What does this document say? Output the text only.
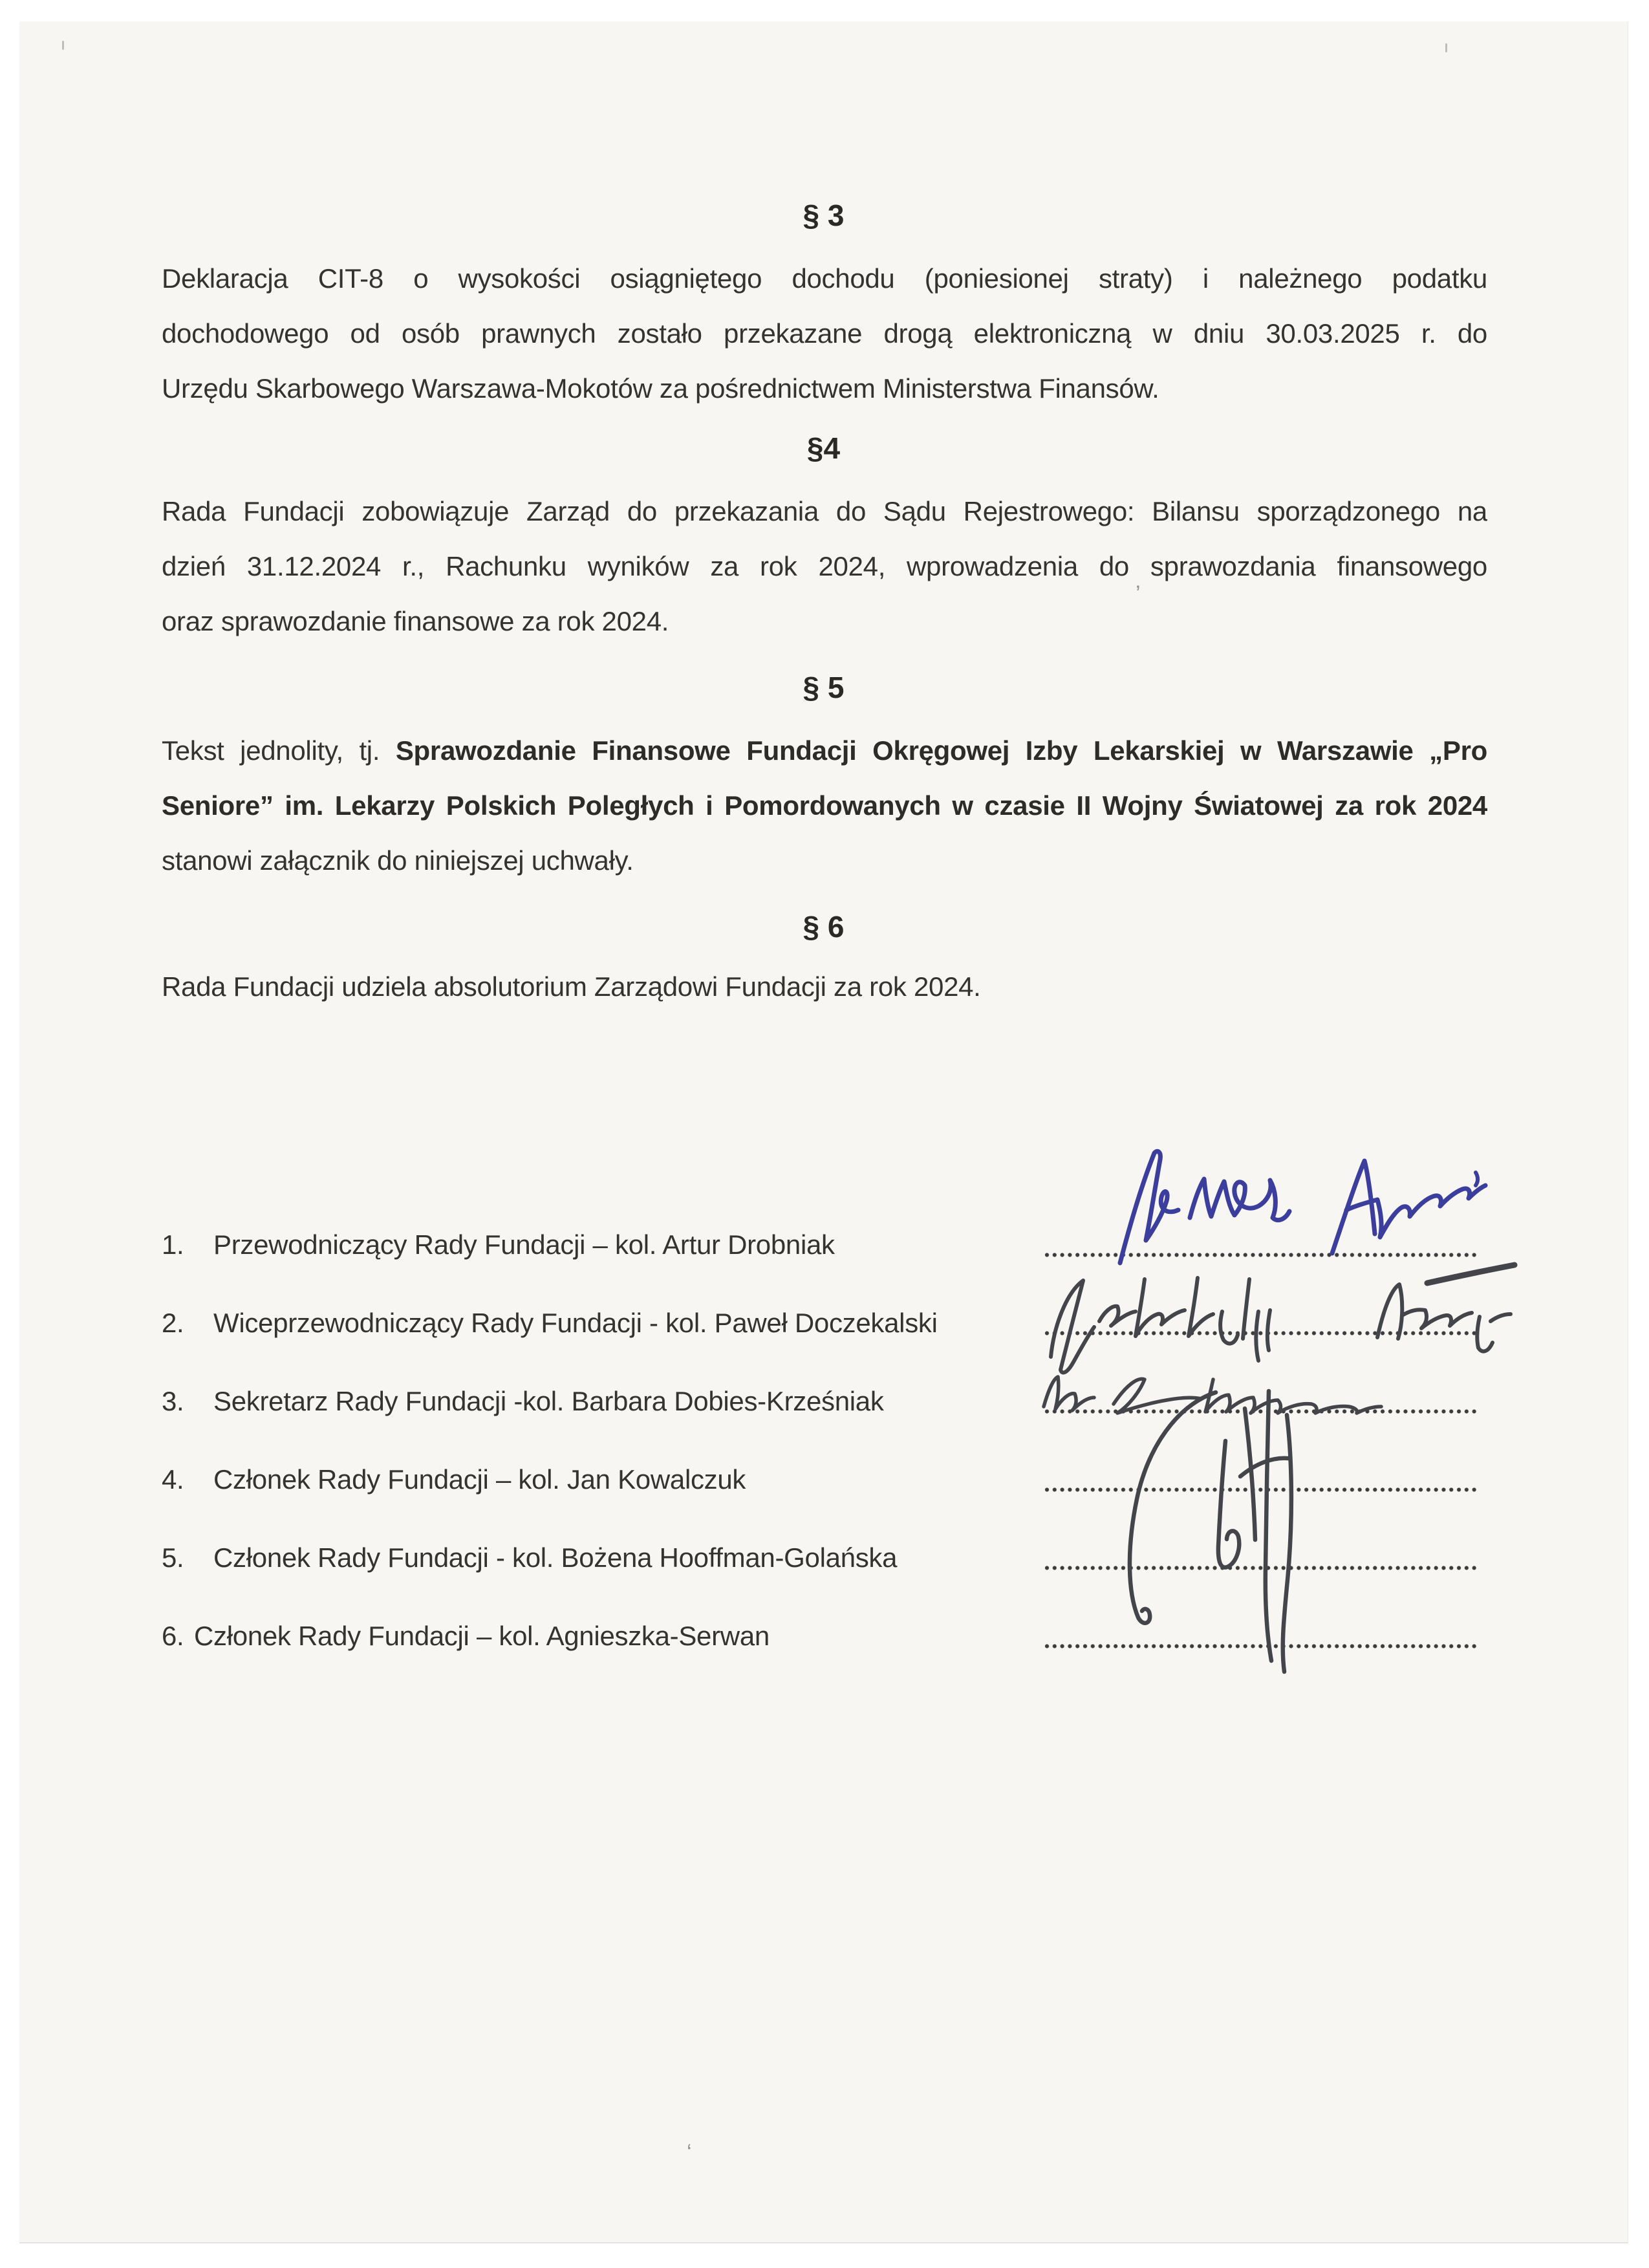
§ 3
Deklaracja CIT-8 o wysokości osiągniętego dochodu (poniesionej straty) i należnego podatku
dochodowego od osób prawnych zostało przekazane drogą elektroniczną w dniu 30.03.2025 r. do
Urzędu Skarbowego Warszawa-Mokotów za pośrednictwem Ministerstwa Finansów.
§4
Rada Fundacji zobowiązuje Zarząd do przekazania do Sądu Rejestrowego: Bilansu sporządzonego na
dzień 31.12.2024 r., Rachunku wyników za rok 2024, wprowadzenia do sprawozdania finansowego
oraz sprawozdanie finansowe za rok 2024.
§ 5
Tekst jednolity, tj. Sprawozdanie Finansowe Fundacji Okręgowej Izby Lekarskiej w Warszawie „Pro
Seniore” im. Lekarzy Polskich Poległych i Pomordowanych w czasie II Wojny Światowej za rok 2024
stanowi załącznik do niniejszej uchwały.
§ 6
Rada Fundacji udziela absolutorium Zarządowi Fundacji za rok 2024.
1. Przewodniczący Rady Fundacji – kol. Artur Drobniak
2. Wiceprzewodniczący Rady Fundacji - kol. Paweł Doczekalski
3. Sekretarz Rady Fundacji -kol. Barbara Dobies-Krześniak
4. Członek Rady Fundacji – kol. Jan Kowalczuk
5. Członek Rady Fundacji - kol. Bożena Hooffman-Golańska
6. Członek Rady Fundacji – kol. Agnieszka-Serwan
’
‘
